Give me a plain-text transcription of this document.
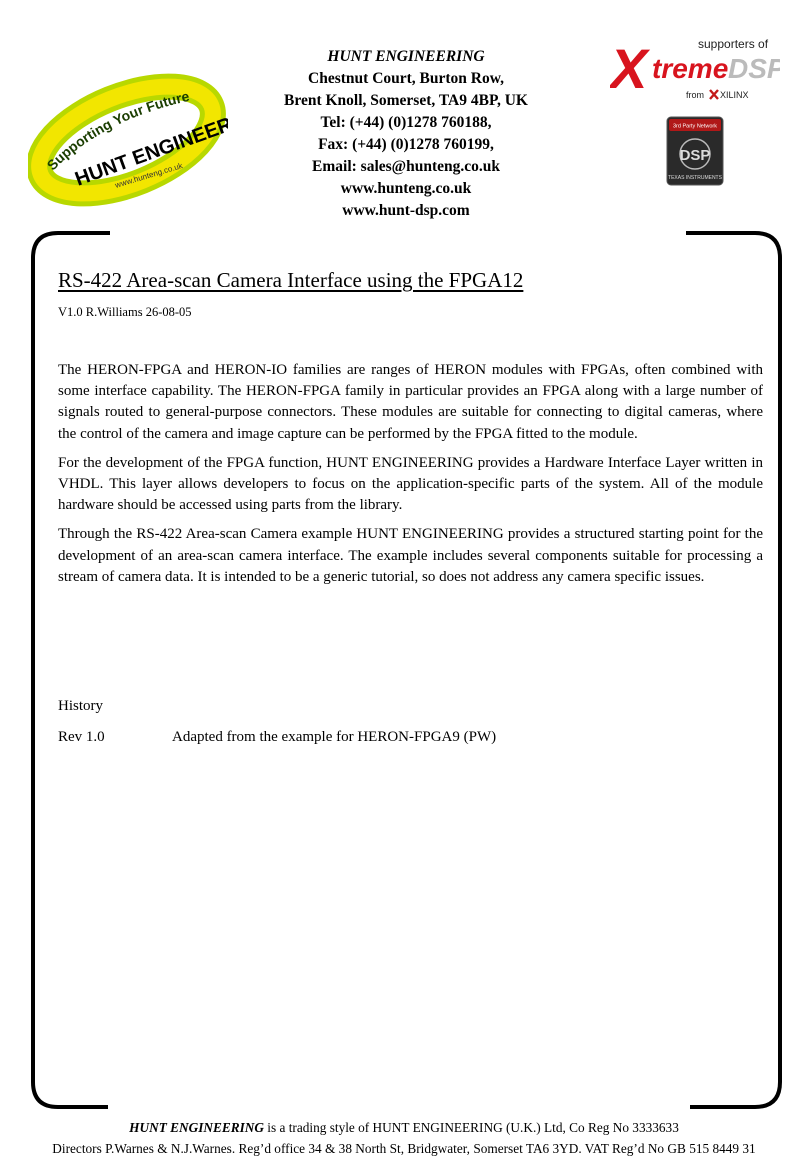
Supporting Your Future
HUNT ENGINEERING
www.hunteng.co.uk
HUNT ENGINEERING
Chestnut Court, Burton Row,
Brent Knoll, Somerset, TA9 4BP, UK
Tel: (+44) (0)1278 760188,
Fax: (+44) (0)1278 760199,
Email: sales@hunteng.co.uk
www.hunteng.co.uk
www.hunt-dsp.com
supporters of
X treme DSP
from XILINX
3rd Party Network
DSP
TEXAS INSTRUMENTS
RS-422 Area-scan Camera Interface using the FPGA12
V1.0 R.Williams 26-08-05

The HERON-FPGA and HERON-IO families are ranges of HERON modules with FPGAs, often combined with some interface capability. The HERON-FPGA family in particular provides an FPGA along with a large number of signals routed to general-purpose connectors. These modules are suitable for connecting to digital cameras, where the control of the camera and image capture can be performed by the FPGA fitted to the module.

For the development of the FPGA function, HUNT ENGINEERING provides a Hardware Interface Layer written in VHDL. This layer allows developers to focus on the application-specific parts of the system. All of the module hardware should be accessed using parts from the library.

Through the RS-422 Area-scan Camera example HUNT ENGINEERING provides a structured starting point for the development of an area-scan camera interface. The example includes several components suitable for processing a stream of camera data. It is intended to be a generic tutorial, so does not address any camera specific issues.

History
Rev 1.0	Adapted from the example for HERON-FPGA9 (PW)
HUNT ENGINEERING is a trading style of HUNT ENGINEERING (U.K.) Ltd, Co Reg No 3333633
Directors P.Warnes & N.J.Warnes. Reg’d office 34 & 38 North St, Bridgwater, Somerset TA6 3YD. VAT Reg’d No GB 515 8449 31
